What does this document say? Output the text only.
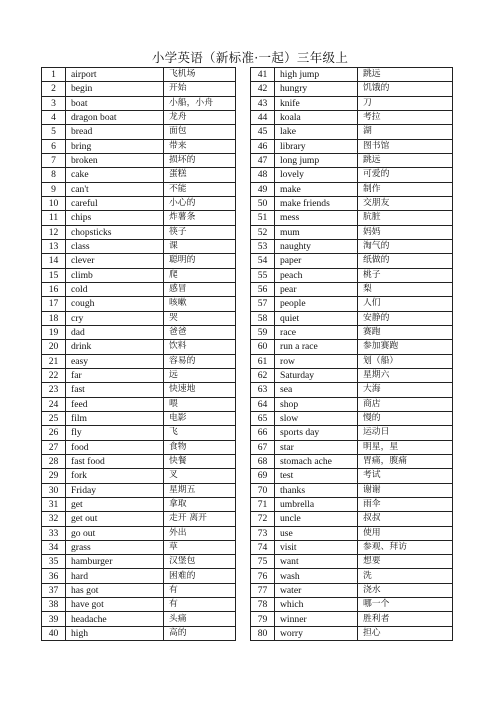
小学英语（新标准·一起）三年级上
1	airport	飞机场
2	begin	开始
3	boat	小船，小舟
4	dragon boat	龙舟
5	bread	面包
6	bring	带来
7	broken	损坏的
8	cake	蛋糕
9	can't	不能
10	careful	小心的
11	chips	炸薯条
12	chopsticks	筷子
13	class	课
14	clever	聪明的
15	climb	爬
16	cold	感冒
17	cough	咳嗽
18	cry	哭
19	dad	爸爸
20	drink	饮料
21	easy	容易的
22	far	远
23	fast	快速地
24	feed	喂
25	film	电影
26	fly	飞
27	food	食物
28	fast food	快餐
29	fork	叉
30	Friday	星期五
31	get	拿取
32	get out	走开 离开
33	go out	外出
34	grass	草
35	hamburger	汉堡包
36	hard	困难的
37	has got	有
38	have got	有
39	headache	头痛
40	high	高的
41	high jump	跳远
42	hungry	饥饿的
43	knife	刀
44	koala	考拉
45	lake	湖
46	library	图书馆
47	long jump	跳远
48	lovely	可爱的
49	make	制作
50	make friends	交朋友
51	mess	肮脏
52	mum	妈妈
53	naughty	淘气的
54	paper	纸做的
55	peach	桃子
56	pear	梨
57	people	人们
58	quiet	安静的
59	race	赛跑
60	run a race	参加赛跑
61	row	划（船）
62	Saturday	星期六
63	sea	大海
64	shop	商店
65	slow	慢的
66	sports day	运动日
67	star	明星，星
68	stomach ache	胃痛，腹痛
69	test	考试
70	thanks	谢谢
71	umbrella	雨伞
72	uncle	叔叔
73	use	使用
74	visit	参观、拜访
75	want	想要
76	wash	洗
77	water	浇水
78	which	哪一个
79	winner	胜利者
80	worry	担心
